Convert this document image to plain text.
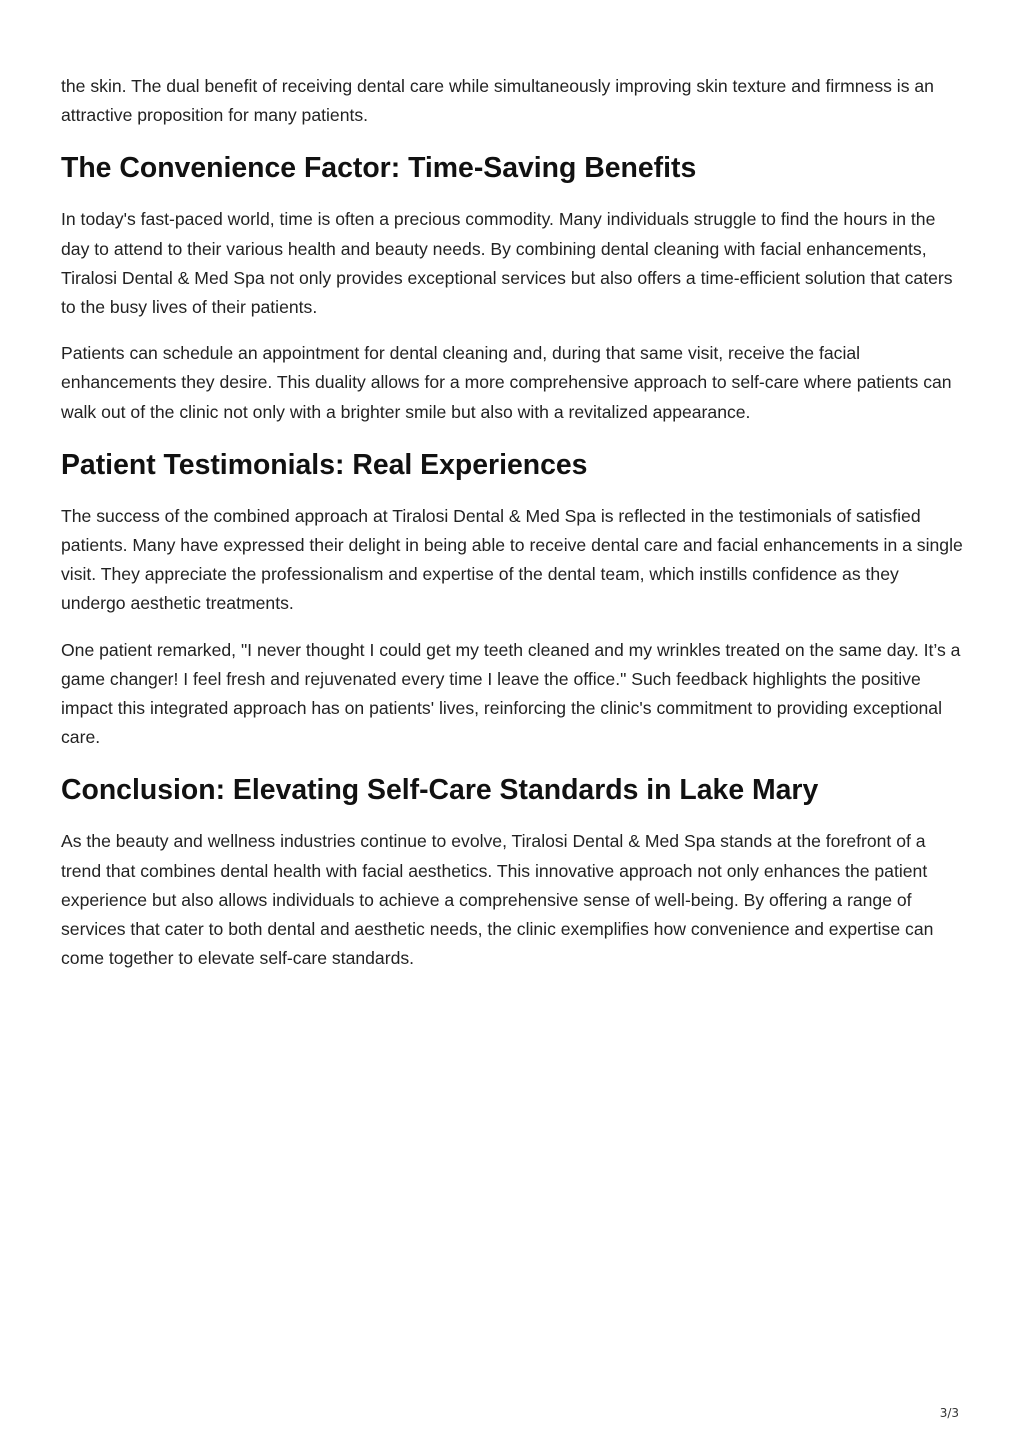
the skin. The dual benefit of receiving dental care while simultaneously improving skin texture and firmness is an attractive proposition for many patients.

The Convenience Factor: Time-Saving Benefits

In today's fast-paced world, time is often a precious commodity. Many individuals struggle to find the hours in the day to attend to their various health and beauty needs. By combining dental cleaning with facial enhancements, Tiralosi Dental & Med Spa not only provides exceptional services but also offers a time-efficient solution that caters to the busy lives of their patients.

Patients can schedule an appointment for dental cleaning and, during that same visit, receive the facial enhancements they desire. This duality allows for a more comprehensive approach to self-care where patients can walk out of the clinic not only with a brighter smile but also with a revitalized appearance.

Patient Testimonials: Real Experiences

The success of the combined approach at Tiralosi Dental & Med Spa is reflected in the testimonials of satisfied patients. Many have expressed their delight in being able to receive dental care and facial enhancements in a single visit. They appreciate the professionalism and expertise of the dental team, which instills confidence as they undergo aesthetic treatments.

One patient remarked, "I never thought I could get my teeth cleaned and my wrinkles treated on the same day. It’s a game changer! I feel fresh and rejuvenated every time I leave the office." Such feedback highlights the positive impact this integrated approach has on patients' lives, reinforcing the clinic's commitment to providing exceptional care.

Conclusion: Elevating Self-Care Standards in Lake Mary

As the beauty and wellness industries continue to evolve, Tiralosi Dental & Med Spa stands at the forefront of a trend that combines dental health with facial aesthetics. This innovative approach not only enhances the patient experience but also allows individuals to achieve a comprehensive sense of well-being. By offering a range of services that cater to both dental and aesthetic needs, the clinic exemplifies how convenience and expertise can come together to elevate self-care standards.

3/3
